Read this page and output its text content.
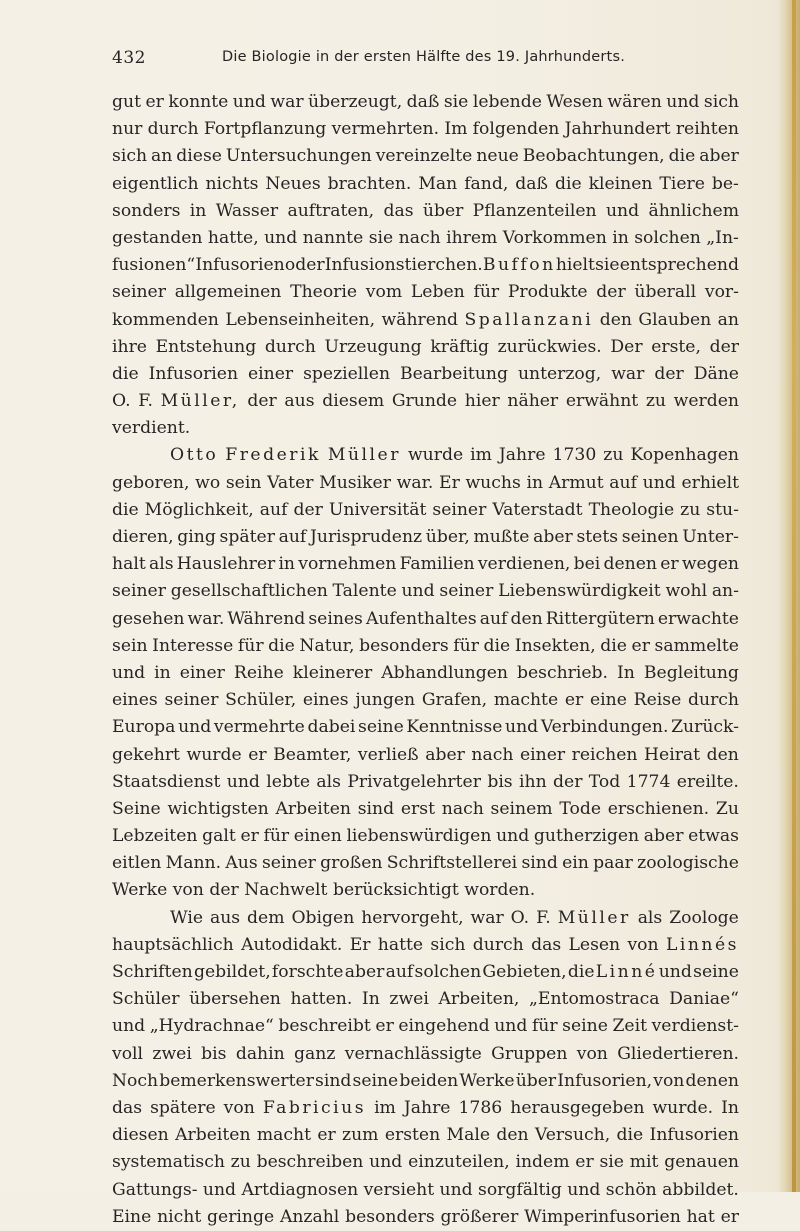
432	Die Biologie in der ersten Hälfte des 19. Jahrhunderts.
gut er konnte und war überzeugt, daß sie lebende Wesen wären und sich
nur durch Fortpflanzung vermehrten. Im folgenden Jahrhundert reihten
sich an diese Untersuchungen vereinzelte neue Beobachtungen, die aber
eigentlich nichts Neues brachten. Man fand, daß die kleinen Tiere be-
sonders in Wasser auftraten, das über Pflanzenteilen und ähnlichem
gestanden hatte, und nannte sie nach ihrem Vorkommen in solchen „In-
fusionen“ Infusorien oder Infusionstierchen. Buffon hielt sie entsprechend
seiner allgemeinen Theorie vom Leben für Produkte der überall vor-
kommenden Lebenseinheiten, während Spallanzani den Glauben an
ihre Entstehung durch Urzeugung kräftig zurückwies. Der erste, der
die Infusorien einer speziellen Bearbeitung unterzog, war der Däne
O. F. Müller, der aus diesem Grunde hier näher erwähnt zu werden
verdient.
Otto Frederik Müller wurde im Jahre 1730 zu Kopenhagen
geboren, wo sein Vater Musiker war. Er wuchs in Armut auf und erhielt
die Möglichkeit, auf der Universität seiner Vaterstadt Theologie zu stu-
dieren, ging später auf Jurisprudenz über, mußte aber stets seinen Unter-
halt als Hauslehrer in vornehmen Familien verdienen, bei denen er wegen
seiner gesellschaftlichen Talente und seiner Liebenswürdigkeit wohl an-
gesehen war. Während seines Aufenthaltes auf den Rittergütern erwachte
sein Interesse für die Natur, besonders für die Insekten, die er sammelte
und in einer Reihe kleinerer Abhandlungen beschrieb. In Begleitung
eines seiner Schüler, eines jungen Grafen, machte er eine Reise durch
Europa und vermehrte dabei seine Kenntnisse und Verbindungen. Zurück-
gekehrt wurde er Beamter, verließ aber nach einer reichen Heirat den
Staatsdienst und lebte als Privatgelehrter bis ihn der Tod 1774 ereilte.
Seine wichtigsten Arbeiten sind erst nach seinem Tode erschienen. Zu
Lebzeiten galt er für einen liebenswürdigen und gutherzigen aber etwas
eitlen Mann. Aus seiner großen Schriftstellerei sind ein paar zoologische
Werke
von
der
Nachwelt
berücksichtigt
worden.
Wie aus dem Obigen hervorgeht, war O. F. Müller als Zoologe
hauptsächlich Autodidakt. Er hatte sich durch das Lesen von Linnés
Schriften gebildet, forschte aber auf solchen Gebieten, die Linné und seine
Schüler übersehen hatten. In zwei Arbeiten, „Entomostraca Daniae“
und „Hydrachnae“ beschreibt er eingehend und für seine Zeit verdienst-
voll zwei bis dahin ganz vernachlässigte Gruppen von Gliedertieren.
Noch bemerkenswerter sind seine beiden Werke über Infusorien, von denen
das spätere von Fabricius im Jahre 1786 herausgegeben wurde. In
diesen Arbeiten macht er zum ersten Male den Versuch, die Infusorien
systematisch zu beschreiben und einzuteilen, indem er sie mit genauen
Gattungs- und Artdiagnosen versieht und sorgfältig und schön abbildet.
Eine nicht geringe Anzahl besonders größerer Wimperinfusorien hat er
